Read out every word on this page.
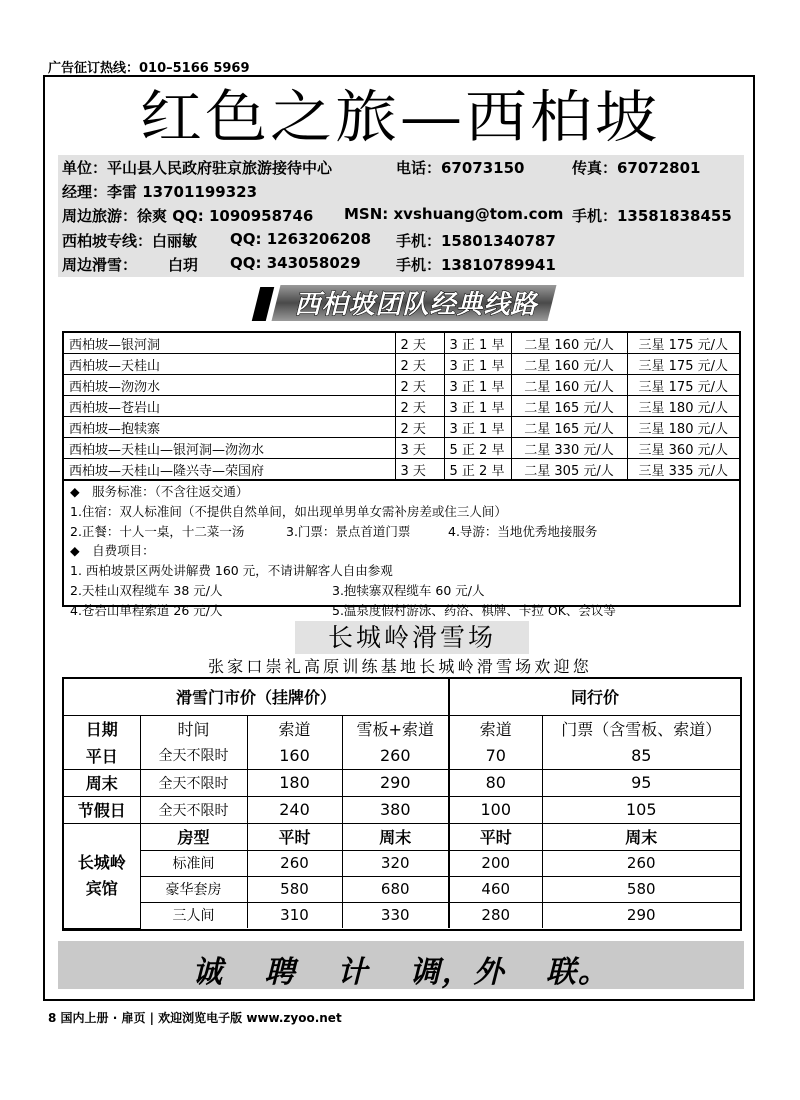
广告征订热线：010–5166 5969
红色之旅—西柏坡
单位：平山县人民政府驻京旅游接待中心	电话：67073150	传真：67072801
经理：李雷 13701199323
周边旅游：徐爽 QQ: 1090958746 MSN: xvshuang@tom.com 手机：13581838455
西柏坡专线：白丽敏 QQ: 1263206208 手机：15801340787
周边滑雪： 白玥 QQ: 343058029 手机：13810789941
西柏坡团队经典线路
西柏坡—银河洞	2 天	3 正 1 早	二星 160 元/人	三星 175 元/人
西柏坡—天桂山	2 天	3 正 1 早	二星 160 元/人	三星 175 元/人
西柏坡—沕沕水	2 天	3 正 1 早	二星 160 元/人	三星 175 元/人
西柏坡—苍岩山	2 天	3 正 1 早	二星 165 元/人	三星 180 元/人
西柏坡—抱犊寨	2 天	3 正 1 早	二星 165 元/人	三星 180 元/人
西柏坡—天桂山—银河洞—沕沕水	3 天	5 正 2 早	二星 330 元/人	三星 360 元/人
西柏坡—天桂山—隆兴寺—荣国府	3 天	5 正 2 早	二星 305 元/人	三星 335 元/人
◆　服务标准：（不含往返交通）
1.住宿：双人标准间（不提供自然单间，如出现单男单女需补房差或住三人间）
2.正餐：十人一桌，十二菜一汤	3.门票：景点首道门票	4.导游：当地优秀地接服务
◆　自费项目：
1. 西柏坡景区两处讲解费 160 元，不请讲解客人自由参观
2.天桂山双程缆车 38 元/人	3.抱犊寨双程缆车 60 元/人
4.苍岩山单程索道 26 元/人	5.温泉度假村游泳、药浴、棋牌、卡拉 OK、会议等
长城岭滑雪场
张家口崇礼高原训练基地长城岭滑雪场欢迎您
滑雪门市价（挂牌价）				同行价	
日期	时间	索道	雪板+索道	索道	门票（含雪板、索道）
平日	全天不限时	160	260	70	85
周末	全天不限时	180	290	80	95
节假日	全天不限时	240	380	100	105
长城岭宾馆	房型	平时	周末	平时	周末
	标准间	260	320	200	260
	豪华套房	580	680	460	580
	三人间	310	330	280	290
诚 聘 计 调，外 联。
8 国内上册 · 扉页 | 欢迎浏览电子版 www.zyoo.net
